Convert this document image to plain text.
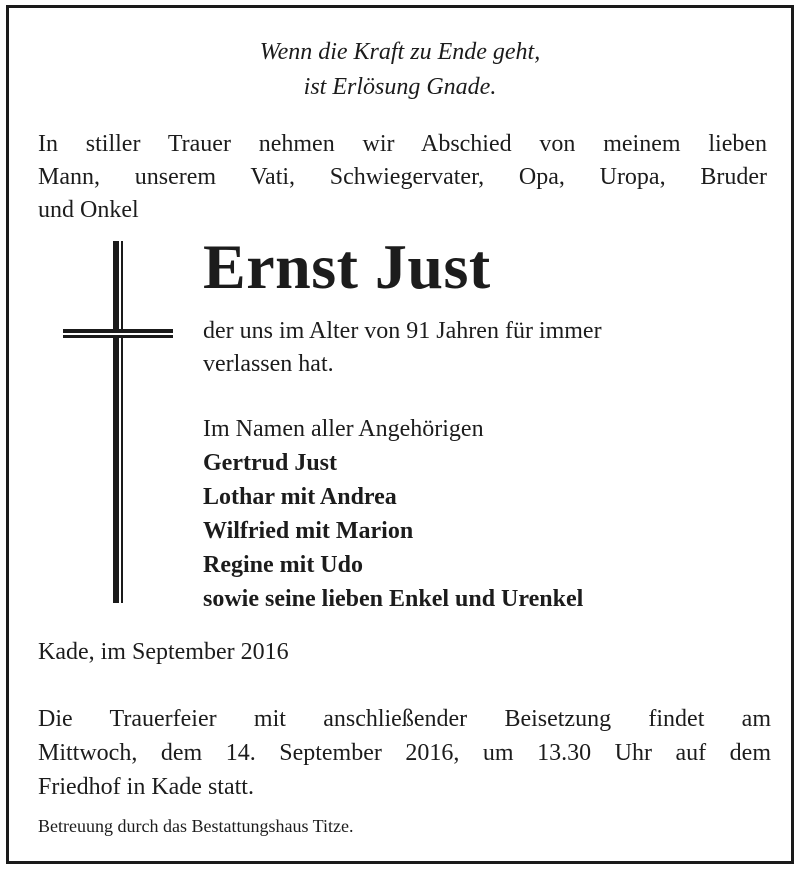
Wenn die Kraft zu Ende geht,
ist Erlösung Gnade.
In stiller Trauer nehmen wir Abschied von meinem lieben
Mann, unserem Vati, Schwiegervater, Opa, Uropa, Bruder
und Onkel
Ernst Just
der uns im Alter von 91 Jahren für immer
verlassen hat.
Im Namen aller Angehörigen
Gertrud Just
Lothar mit Andrea
Wilfried mit Marion
Regine mit Udo
sowie seine lieben Enkel und Urenkel
Kade, im September 2016
Die Trauerfeier mit anschließender Beisetzung findet am
Mittwoch, dem 14. September 2016, um 13.30 Uhr auf dem
Friedhof in Kade statt.
Betreuung durch das Bestattungshaus Titze.
